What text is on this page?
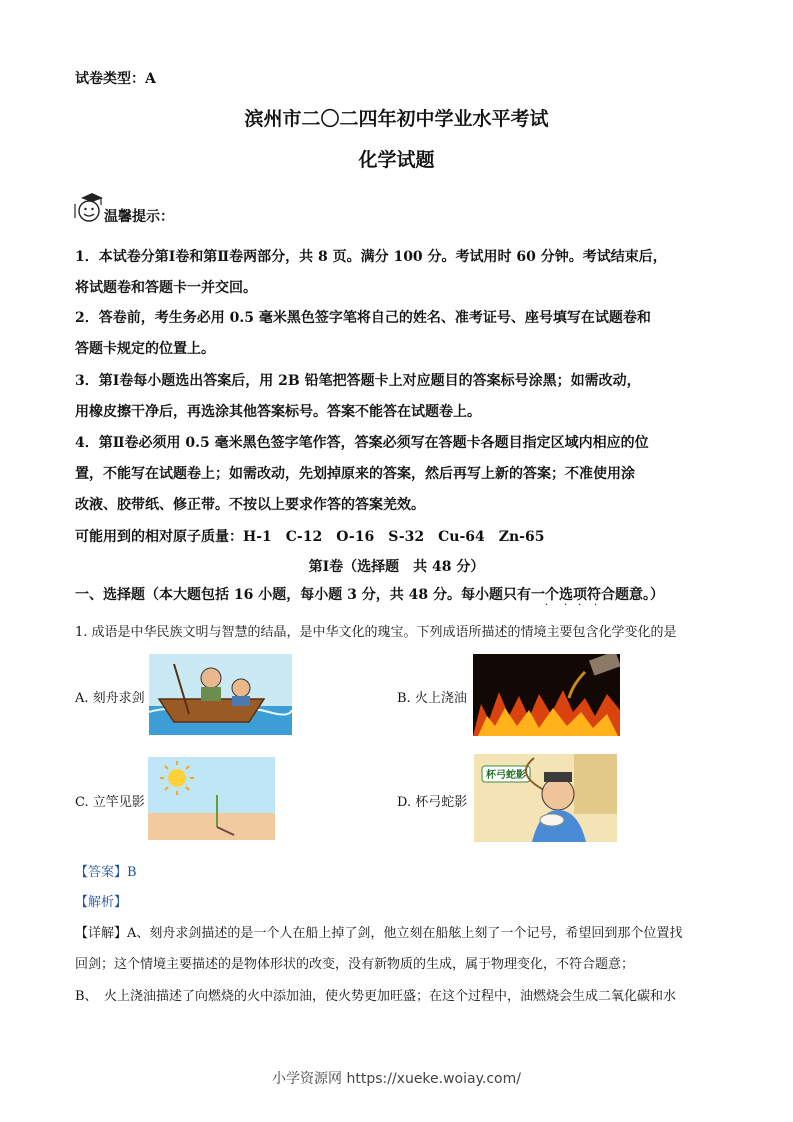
试卷类型：A
滨州市二〇二四年初中学业水平考试
化学试题
温馨提示：
1．本试卷分第Ⅰ卷和第Ⅱ卷两部分，共 8 页。满分 100 分。考试用时 60 分钟。考试结束后，
将试题卷和答题卡一并交回。
2．答卷前，考生务必用 0.5 毫米黑色签字笔将自己的姓名、准考证号、座号填写在试题卷和
答题卡规定的位置上。
3．第Ⅰ卷每小题选出答案后，用 2B 铅笔把答题卡上对应题目的答案标号涂黑；如需改动，
用橡皮擦干净后，再选涂其他答案标号。答案不能答在试题卷上。
4．第Ⅱ卷必须用 0.5 毫米黑色签字笔作答，答案必须写在答题卡各题目指定区域内相应的位
置，不能写在试题卷上；如需改动，先划掉原来的答案，然后再写上新的答案；不准使用涂
改液、胶带纸、修正带。不按以上要求作答的答案羌效。
可能用到的相对原子质量：H-1　C-12　O-16　S-32　Cu-64　Zn-65
第Ⅰ卷（选择题　共 48 分）
一、选择题（本大题包括 16 小题，每小题 3 分，共 48 分。每小题只有一个选项符合题意。）
· · · ·
1. 成语是中华民族文明与智慧的结晶，是中华文化的瑰宝。下列成语所描述的情境主要包含化学变化的是
A. 刻舟求剑	B. 火上浇油
C. 立竿见影	D. 杯弓蛇影
杯弓蛇影
【答案】B
【解析】
【详解】A、刻舟求剑描述的是一个人在船上掉了剑，他立刻在船舷上刻了一个记号，希望回到那个位置找
回剑；这个情境主要描述的是物体形状的改变，没有新物质的生成，属于物理变化，不符合题意；
B、　火上浇油描述了向燃烧的火中添加油，使火势更加旺盛；在这个过程中，油燃烧会生成二氧化碳和水
小学资源网 https://xueke.woiay.com/
